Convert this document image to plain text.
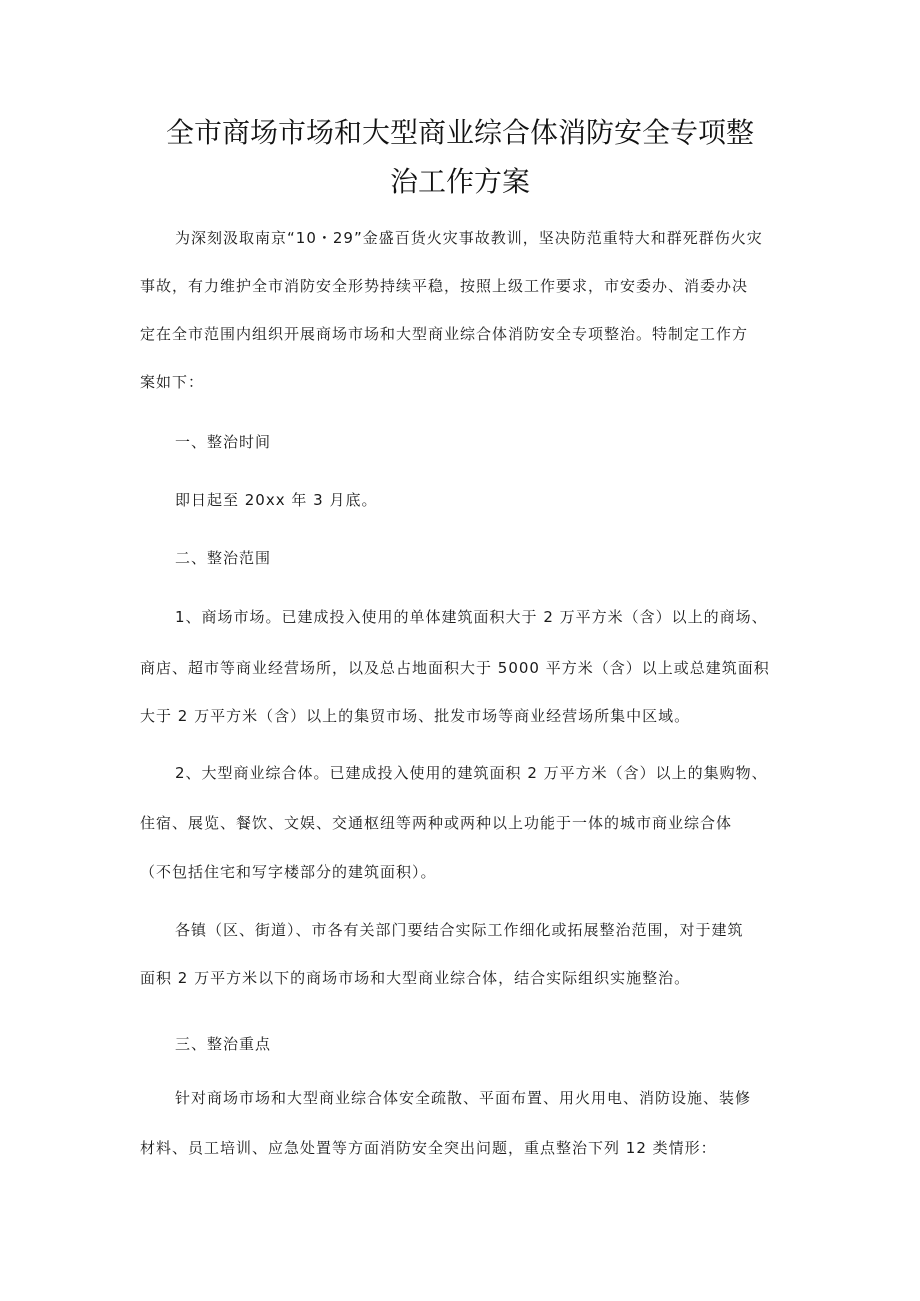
全市商场市场和大型商业综合体消防安全专项整
治工作方案
为深刻汲取南京“10・29”金盛百货火灾事故教训，坚决防范重特大和群死群伤火灾
事故，有力维护全市消防安全形势持续平稳，按照上级工作要求，市安委办、消委办决
定在全市范围内组织开展商场市场和大型商业综合体消防安全专项整治。特制定工作方
案如下：
一、整治时间
即日起至 20xx 年 3 月底。
二、整治范围
1、商场市场。已建成投入使用的单体建筑面积大于 2 万平方米（含）以上的商场、
商店、超市等商业经营场所，以及总占地面积大于 5000 平方米（含）以上或总建筑面积
大于 2 万平方米（含）以上的集贸市场、批发市场等商业经营场所集中区域。
2、大型商业综合体。已建成投入使用的建筑面积 2 万平方米（含）以上的集购物、
住宿、展览、餐饮、文娱、交通枢纽等两种或两种以上功能于一体的城市商业综合体
（不包括住宅和写字楼部分的建筑面积）。
各镇（区、街道）、市各有关部门要结合实际工作细化或拓展整治范围，对于建筑
面积 2 万平方米以下的商场市场和大型商业综合体，结合实际组织实施整治。
三、整治重点
针对商场市场和大型商业综合体安全疏散、平面布置、用火用电、消防设施、装修
材料、员工培训、应急处置等方面消防安全突出问题，重点整治下列 12 类情形：
